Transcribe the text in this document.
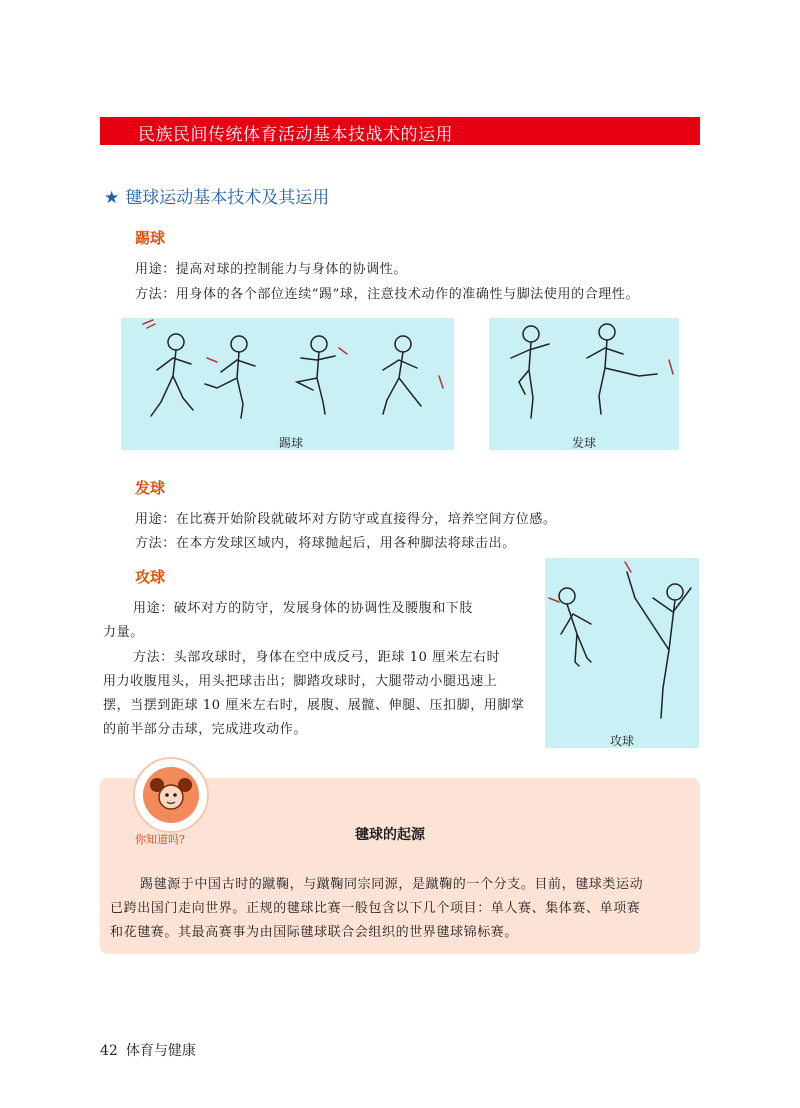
民族民间传统体育活动基本技战术的运用
★ 毽球运动基本技术及其运用
踢球
用途：提高对球的控制能力与身体的协调性。
方法：用身体的各个部位连续“踢”球，注意技术动作的准确性与脚法使用的合理性。
踢球	发球
发球
用途：在比赛开始阶段就破坏对方防守或直接得分，培养空间方位感。
方法：在本方发球区域内，将球抛起后，用各种脚法将球击出。
攻球
用途：破坏对方的防守，发展身体的协调性及腰腹和下肢
力量。
方法：头部攻球时，身体在空中成反弓，距球 10 厘米左右时
用力收腹甩头，用头把球击出；脚踏攻球时，大腿带动小腿迅速上
摆，当摆到距球 10 厘米左右时，展腹、展髋、伸腿、压扣脚，用脚掌
的前半部分击球，完成进攻动作。
攻球
你知道吗?	毽球的起源
踢毽源于中国古时的蹴鞠，与蹴鞠同宗同源，是蹴鞠的一个分支。目前，毽球类运动
已跨出国门走向世界。正规的毽球比赛一般包含以下几个项目：单人赛、集体赛、单项赛
和花毽赛。其最高赛事为由国际毽球联合会组织的世界毽球锦标赛。
42 体育与健康
